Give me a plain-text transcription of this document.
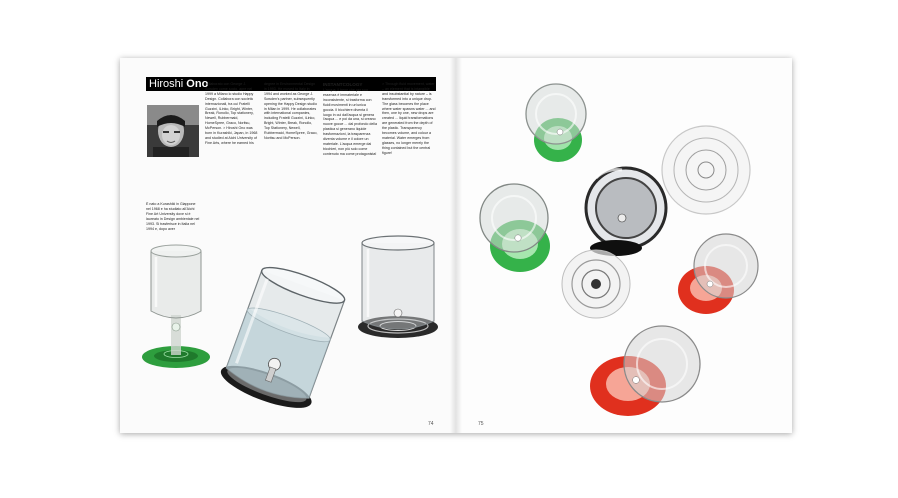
Hiroshi Ono
È nato a Kurashiki in Giappone nel 1968 e ha studiato all'Aichi Fine Art University dove si è laureato in Design ambientale nel 1993. Si trasferisce in Italia nel 1994 e, dopo aver
collaborato con George J. Sowden come socio, apre nel 1999 a Milano lo studio Happy Design. Collabora con società internazionali, tra cui Fratelli Guzzini, iLinko, Bright, Winter, Break, Ronollo, Top stationery, Newell, Rubbermaid, HomeSpree, Graco, Noritsu, McPerson. > Hiroshi Ono was born in Kurashiki, Japan, in 1968 and studied at Aichi University of Fine Arts, where he earned his
degree in Environmental Design in 1993. He moved to Italy in 1994 and worked as George J. Sowden's partner, subsequently opening the Happy Design studio in Milan in 1999. He collaborates with international companies, including Fratelli Guzzini, iLinko, Bright, Winter, Break, Ronollo, Top Stationery, Newell, Rubbermaid, HomeSpree, Graco, Noritsu and McPerson.
INSTANTCOLOGY
L'acqua, il bene che per sua essenza è immateriale e inconsistente, si trasforma con fluidi movimenti in un'unica goccia. Il bicchiere diventa il luogo in cui dall'acqua si genera l'acqua ... e poi da una, si creano nuove gocce ... dal profondo della plastica si generano liquide trasformazioni, la trasparenza diventa volume e il colore un materiale. L'acqua emerge dai bicchieri, non più solo come contenuto ma come protagonista!
> Through fluid movement, water – an element that is intangible and insubstantial by nature – is transformed into a unique drop. The glass becomes the place where water spawns water ... and then, one by one, new drops are created ... liquid transformations are generated from the depth of the plastic. Transparency becomes volume, and colour a material. Water emerges from glasses, no longer merely the thing contained but the central figure!
74	75
